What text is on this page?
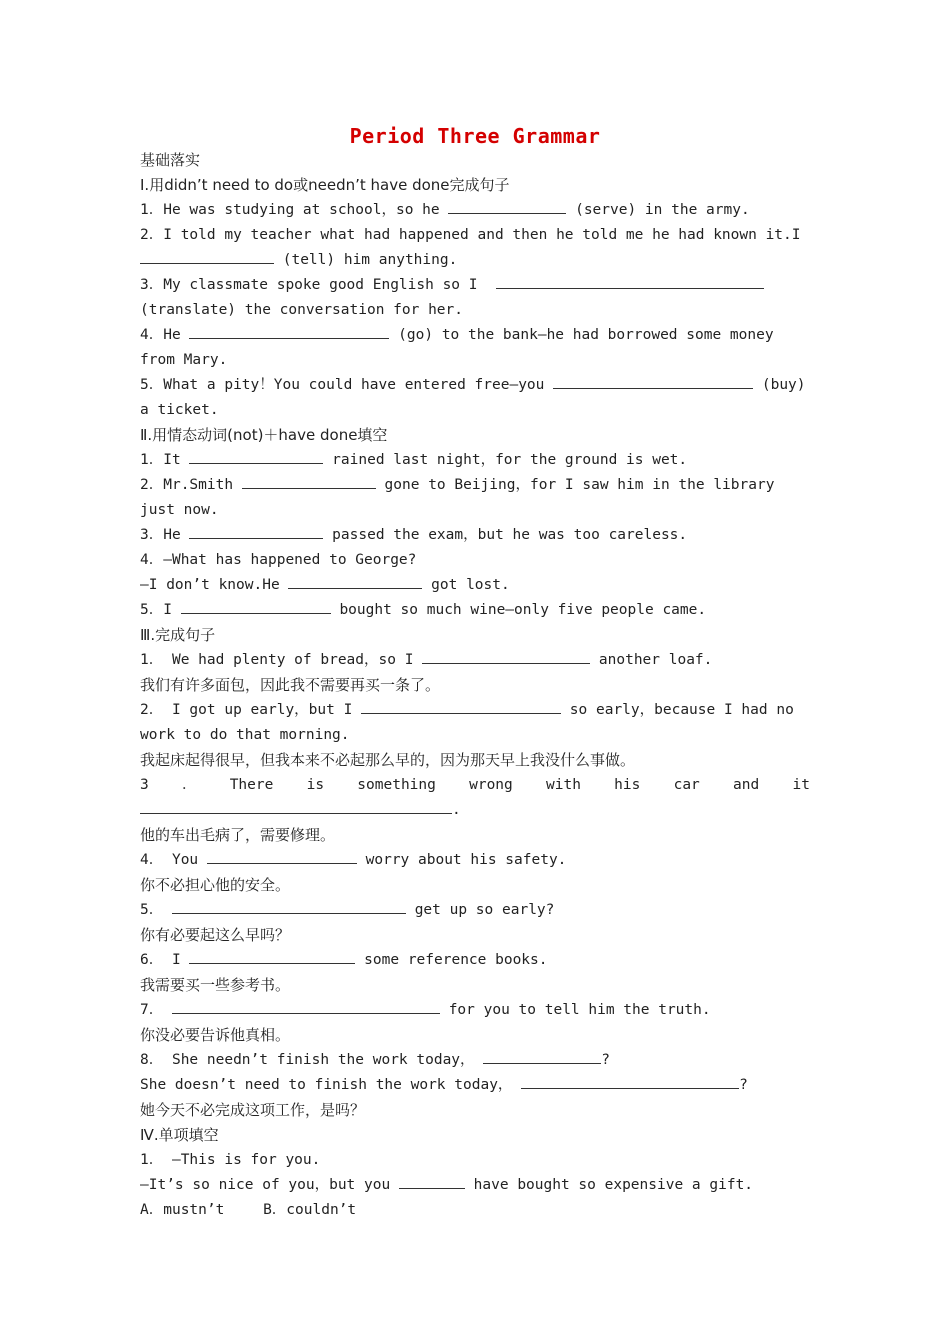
Period Three Grammar
基础落实
Ⅰ.用didn’t need to do或needn’t have done完成句子
1．He was studying at school，so he	(serve) in the army.
2．I told my teacher what had happened and then he told me he had known it.I
(tell) him anything.
3．My classmate spoke good English so I
(translate) the conversation for her.
4．He	(go) to the bank—he had borrowed some money from Mary.
5．What a pity！You could have entered free—you	(buy) a ticket.
Ⅱ.用情态动词(not)＋have done填空
1．It	rained last night，for the ground is wet.
2．Mr.Smith	gone to Beijing，for I saw him in the library just now.
3．He	passed the exam，but he was too careless.
4．—What has happened to George?
—I don’t know.He	got lost.
5．I	bought so much wine—only five people came.
Ⅲ.完成句子
1． We had plenty of bread，so I	another loaf.
我们有许多面包，因此我不需要再买一条了。
2． I got up early，but I	so early，because I had no work to do that morning.
我起床起得很早，但我本来不必起那么早的，因为那天早上我没什么事做。
3 ． There is something wrong with his car and it
.
他的车出毛病了，需要修理。
4． You	worry about his safety.
你不必担心他的安全。
5．	get up so early?
你有必要起这么早吗？
6． I	some reference books.
我需要买一些参考书。
7．	for you to tell him the truth.
你没必要告诉他真相。
8． She needn’t finish the work today，	?
She doesn’t need to finish the work today，	?
她今天不必完成这项工作，是吗？
Ⅳ.单项填空
1． —This is for you.
—It’s so nice of you，but you	have bought so expensive a gift.
A．mustn’t	B．couldn’t
